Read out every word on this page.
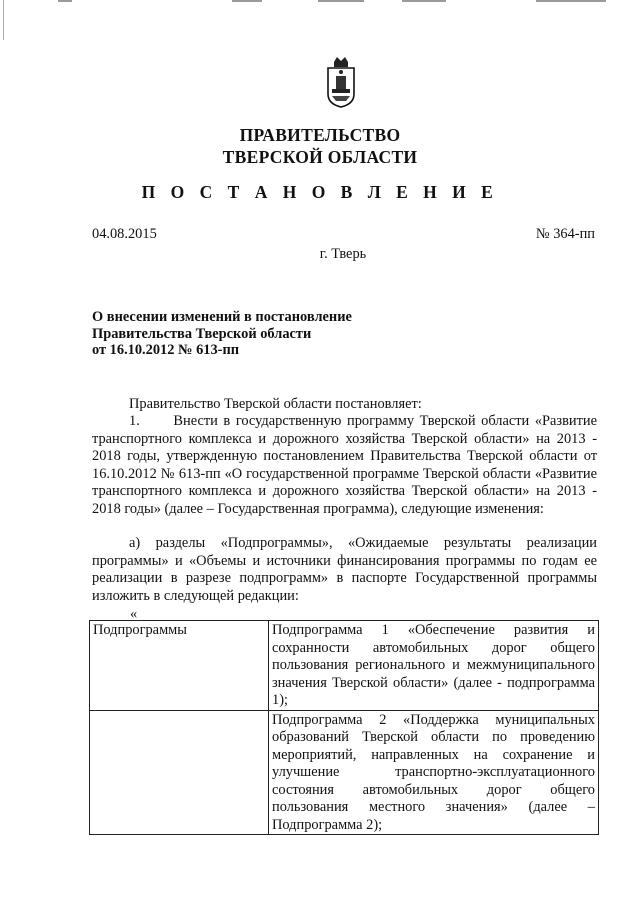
ПРАВИТЕЛЬСТВО
ТВЕРСКОЙ ОБЛАСТИ
П О С Т А Н О В Л Е Н И Е
04.08.2015	№ 364-пп
г. Тверь
О внесении изменений в постановление
Правительства Тверской области
от 16.10.2012 № 613-пп
Правительство Тверской области постановляет:
1. Внести в государственную программу Тверской области «Развитие транспортного комплекса и дорожного хозяйства Тверской области» на 2013 - 2018 годы, утвержденную постановлением Правительства Тверской области от 16.10.2012 № 613-пп «О государственной программе Тверской области «Развитие транспортного комплекса и дорожного хозяйства Тверской области» на 2013 - 2018 годы» (далее – Государственная программа), следующие изменения:
а) разделы «Подпрограммы», «Ожидаемые результаты реализации программы» и «Объемы и источники финансирования программы по годам ее реализации в разрезе подпрограмм» в паспорте Государственной программы изложить в следующей редакции:
«
Подпрограммы	Подпрограмма 1 «Обеспечение развития и сохранности автомобильных дорог общего пользования регионального и межмуниципального значения Тверской области» (далее - подпрограмма 1);
	Подпрограмма 2 «Поддержка муниципальных образований Тверской области по проведению мероприятий, направленных на сохранение и улучшение транспортно-эксплуатационного состояния автомобильных дорог общего пользования местного значения» (далее – Подпрограмма 2);
